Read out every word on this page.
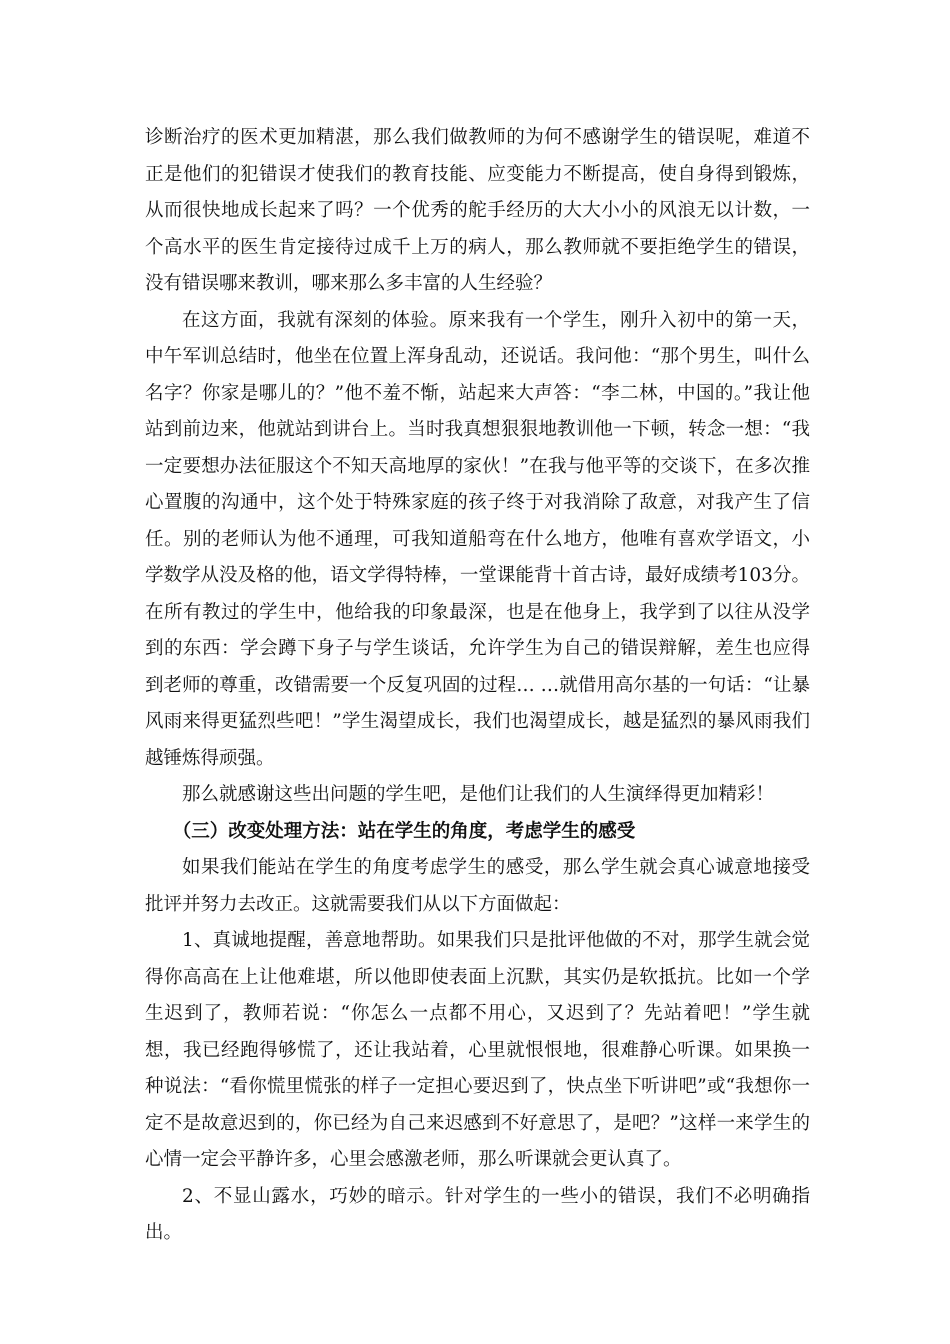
诊断治疗的医术更加精湛，那么我们做教师的为何不感谢学生的错误呢，难道不正是他们的犯错误才使我们的教育技能、应变能力不断提高，使自身得到锻炼，从而很快地成长起来了吗？一个优秀的舵手经历的大大小小的风浪无以计数，一个高水平的医生肯定接待过成千上万的病人，那么教师就不要拒绝学生的错误，没有错误哪来教训，哪来那么多丰富的人生经验？

在这方面，我就有深刻的体验。原来我有一个学生，刚升入初中的第一天，中午军训总结时，他坐在位置上浑身乱动，还说话。我问他：“那个男生，叫什么名字？你家是哪儿的？”他不羞不惭，站起来大声答：“李二林，中国的。”我让他站到前边来，他就站到讲台上。当时我真想狠狠地教训他一下顿，转念一想：“我一定要想办法征服这个不知天高地厚的家伙！”在我与他平等的交谈下，在多次推心置腹的沟通中，这个处于特殊家庭的孩子终于对我消除了敌意，对我产生了信任。别的老师认为他不通理，可我知道船弯在什么地方，他唯有喜欢学语文，小学数学从没及格的他，语文学得特棒，一堂课能背十首古诗，最好成绩考103分。在所有教过的学生中，他给我的印象最深，也是在他身上，我学到了以往从没学到的东西：学会蹲下身子与学生谈话，允许学生为自己的错误辩解，差生也应得到老师的尊重，改错需要一个反复巩固的过程… …就借用高尔基的一句话：“让暴风雨来得更猛烈些吧！”学生渴望成长，我们也渴望成长，越是猛烈的暴风雨我们越锤炼得顽强。

那么就感谢这些出问题的学生吧，是他们让我们的人生演绎得更加精彩！

（三）改变处理方法：站在学生的角度，考虑学生的感受

如果我们能站在学生的角度考虑学生的感受，那么学生就会真心诚意地接受批评并努力去改正。这就需要我们从以下方面做起：

1、真诚地提醒，善意地帮助。如果我们只是批评他做的不对，那学生就会觉得你高高在上让他难堪，所以他即使表面上沉默，其实仍是软抵抗。比如一个学生迟到了，教师若说：“你怎么一点都不用心，又迟到了？先站着吧！”学生就想，我已经跑得够慌了，还让我站着，心里就恨恨地，很难静心听课。如果换一种说法：“看你慌里慌张的样子一定担心要迟到了，快点坐下听讲吧”或“我想你一定不是故意迟到的，你已经为自己来迟感到不好意思了，是吧？”这样一来学生的心情一定会平静许多，心里会感激老师，那么听课就会更认真了。

2、不显山露水，巧妙的暗示。针对学生的一些小的错误，我们不必明确指出。
